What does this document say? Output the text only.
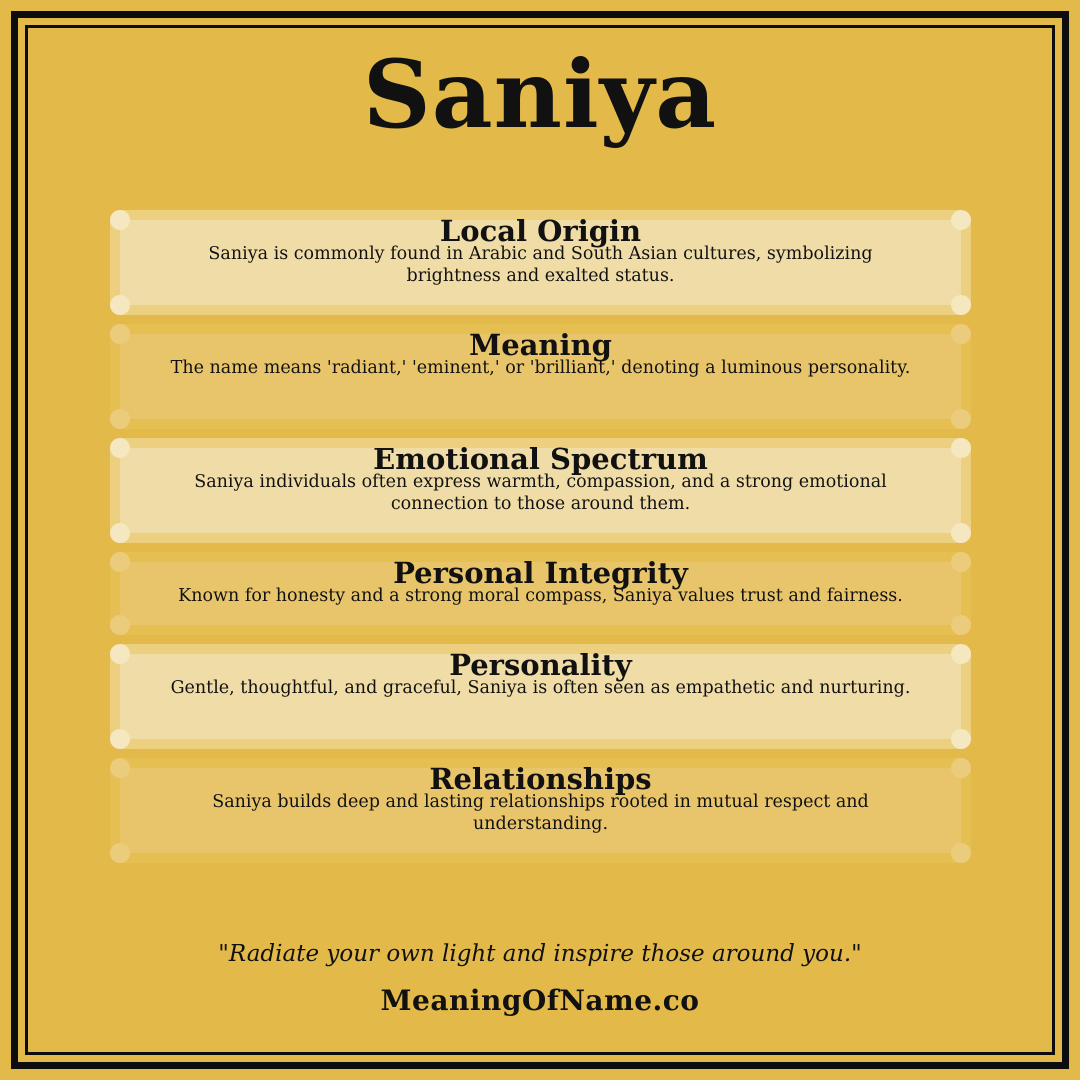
Saniya
Local Origin
Saniya is commonly found in Arabic and South Asian cultures, symbolizing brightness and exalted status.
Meaning
The name means 'radiant,' 'eminent,' or 'brilliant,' denoting a luminous personality.
Emotional Spectrum
Saniya individuals often express warmth, compassion, and a strong emotional connection to those around them.
Personal Integrity
Known for honesty and a strong moral compass, Saniya values trust and fairness.
Personality
Gentle, thoughtful, and graceful, Saniya is often seen as empathetic and nurturing.
Relationships
Saniya builds deep and lasting relationships rooted in mutual respect and understanding.
"Radiate your own light and inspire those around you."
MeaningOfName.co
